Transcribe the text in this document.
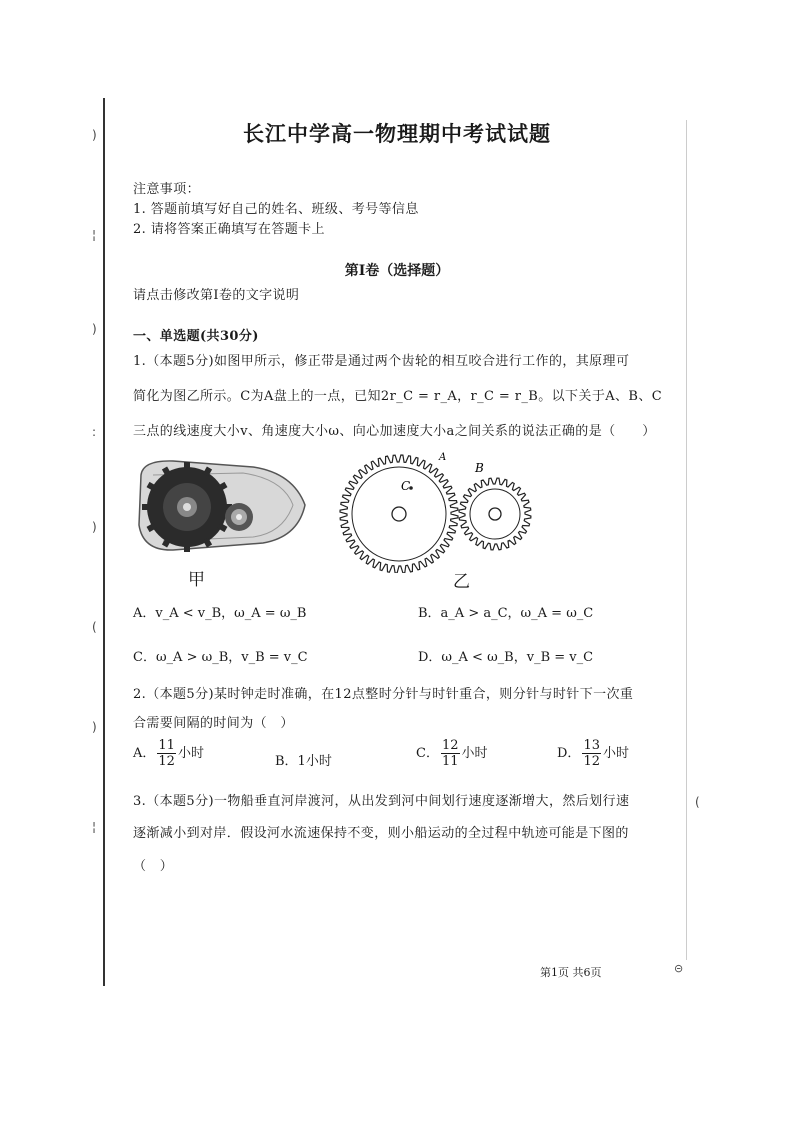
)
¦
)
:
)
(
)
¦
(
长江中学高一物理期中考试试题
注意事项：
1. 答题前填写好自己的姓名、班级、考号等信息
2. 请将答案正确填写在答题卡上
第Ⅰ卷（选择题）
请点击修改第Ⅰ卷的文字说明
一、单选题(共30分)
1.（本题5分)如图甲所示，修正带是通过两个齿轮的相互咬合进行工作的，其原理可
简化为图乙所示。C为A盘上的一点，已知2r_C = r_A，r_C = r_B。以下关于A、B、C
三点的线速度大小v、角速度大小ω、向心加速度大小a之间关系的说法正确的是（　　）
甲
C
A
B
乙
A．v_A < v_B，ω_A = ω_B	B．a_A > a_C，ω_A = ω_C
C．ω_A > ω_B，v_B = v_C	D．ω_A < ω_B，v_B = v_C
2.（本题5分)某时钟走时准确，在12点整时分针与时针重合，则分针与时针下一次重
合需要间隔的时间为（　）
A． $\frac{11}{12}$ 小时
B．1小时
C． $\frac{12}{11}$ 小时	D． $\frac{13}{12}$ 小时
3.（本题5分)一物船垂直河岸渡河，从出发到河中间划行速度逐渐增大，然后划行速
逐渐减小到对岸．假设河水流速保持不变，则小船运动的全过程中轨迹可能是下图的
（　）
第1页 共6页	⊝
